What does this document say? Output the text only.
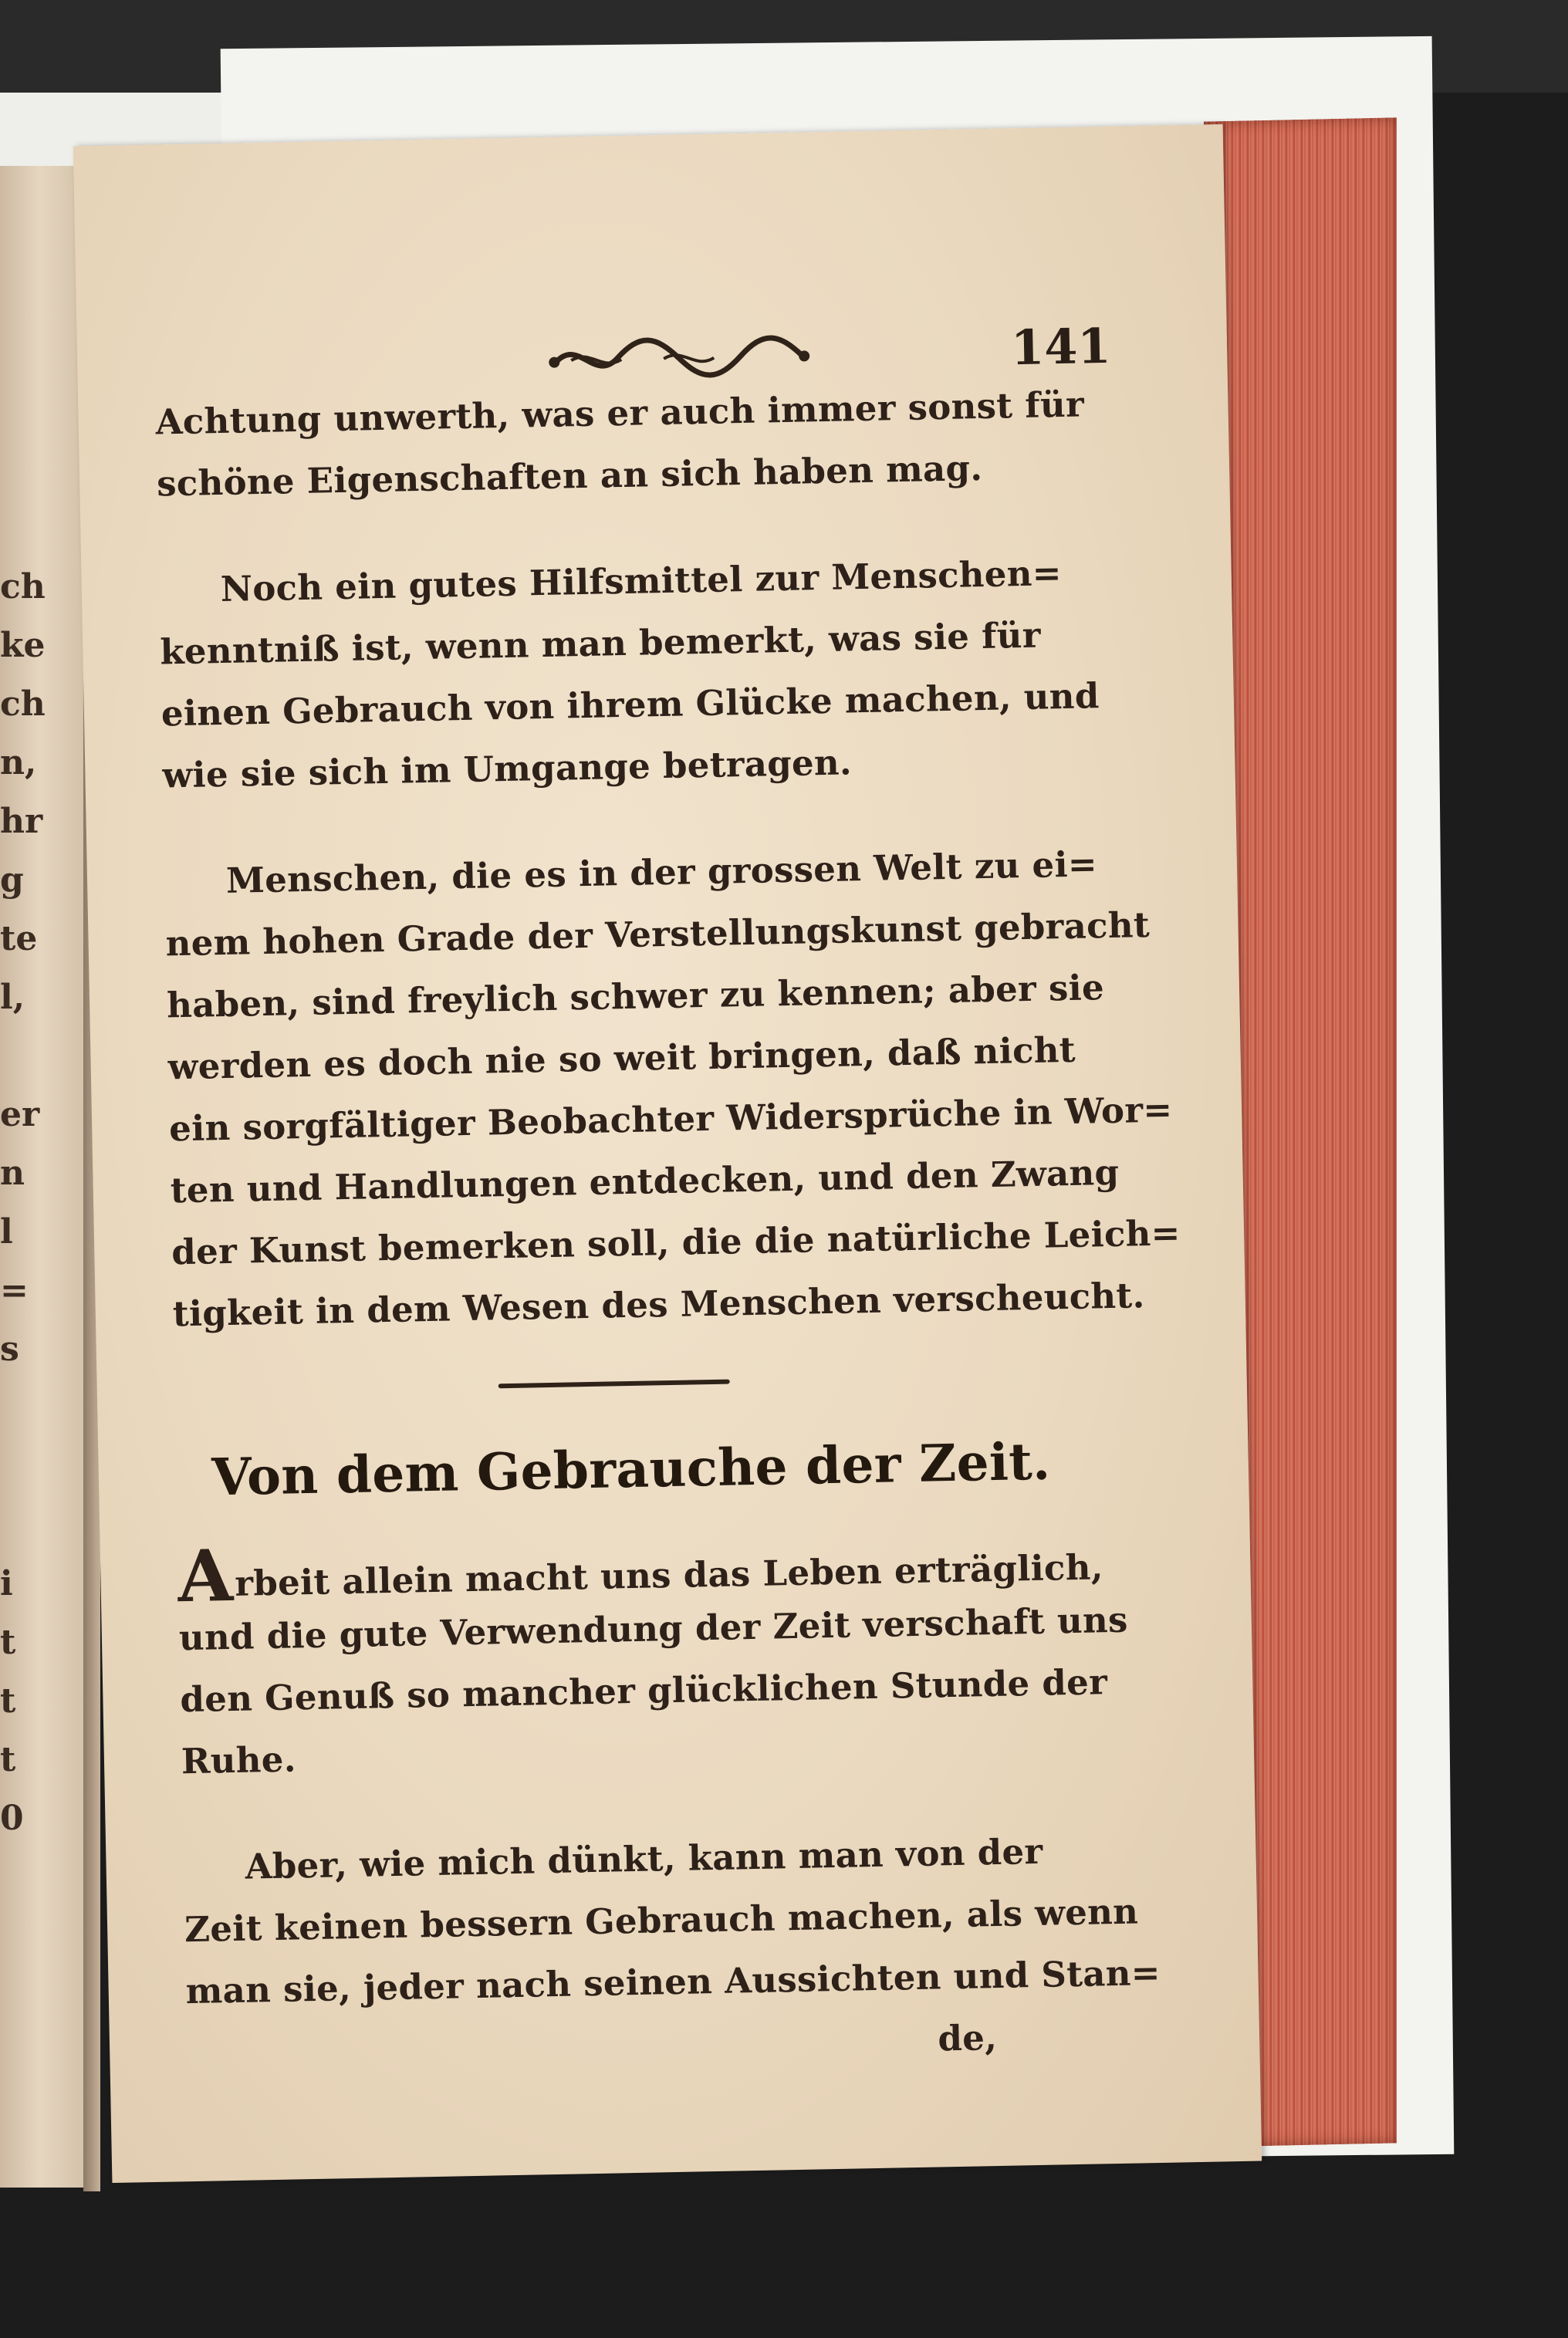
ch
ke
ch
n,
hr
g
te
l,
er
n
l
=
s
i
t
t
t
0
141
Achtung unwerth, was er auch immer sonst für
schöne Eigenschaften an sich haben mag.
Noch ein gutes Hilfsmittel zur Menschen=
kenntniß ist, wenn man bemerkt, was sie für
einen Gebrauch von ihrem Glücke machen, und
wie sie sich im Umgange betragen.
Menschen, die es in der grossen Welt zu ei=
nem hohen Grade der Verstellungskunst gebracht
haben, sind freylich schwer zu kennen; aber sie
werden es doch nie so weit bringen, daß nicht
ein sorgfältiger Beobachter Widersprüche in Wor=
ten und Handlungen entdecken, und den Zwang
der Kunst bemerken soll, die die natürliche Leich=
tigkeit in dem Wesen des Menschen verscheucht.
Von dem Gebrauche der Zeit.
Arbeit allein macht uns das Leben erträglich,
und die gute Verwendung der Zeit verschaft uns
den Genuß so mancher glücklichen Stunde der
Ruhe.
Aber, wie mich dünkt, kann man von der
Zeit keinen bessern Gebrauch machen, als wenn
man sie, jeder nach seinen Aussichten und Stan=
de,
